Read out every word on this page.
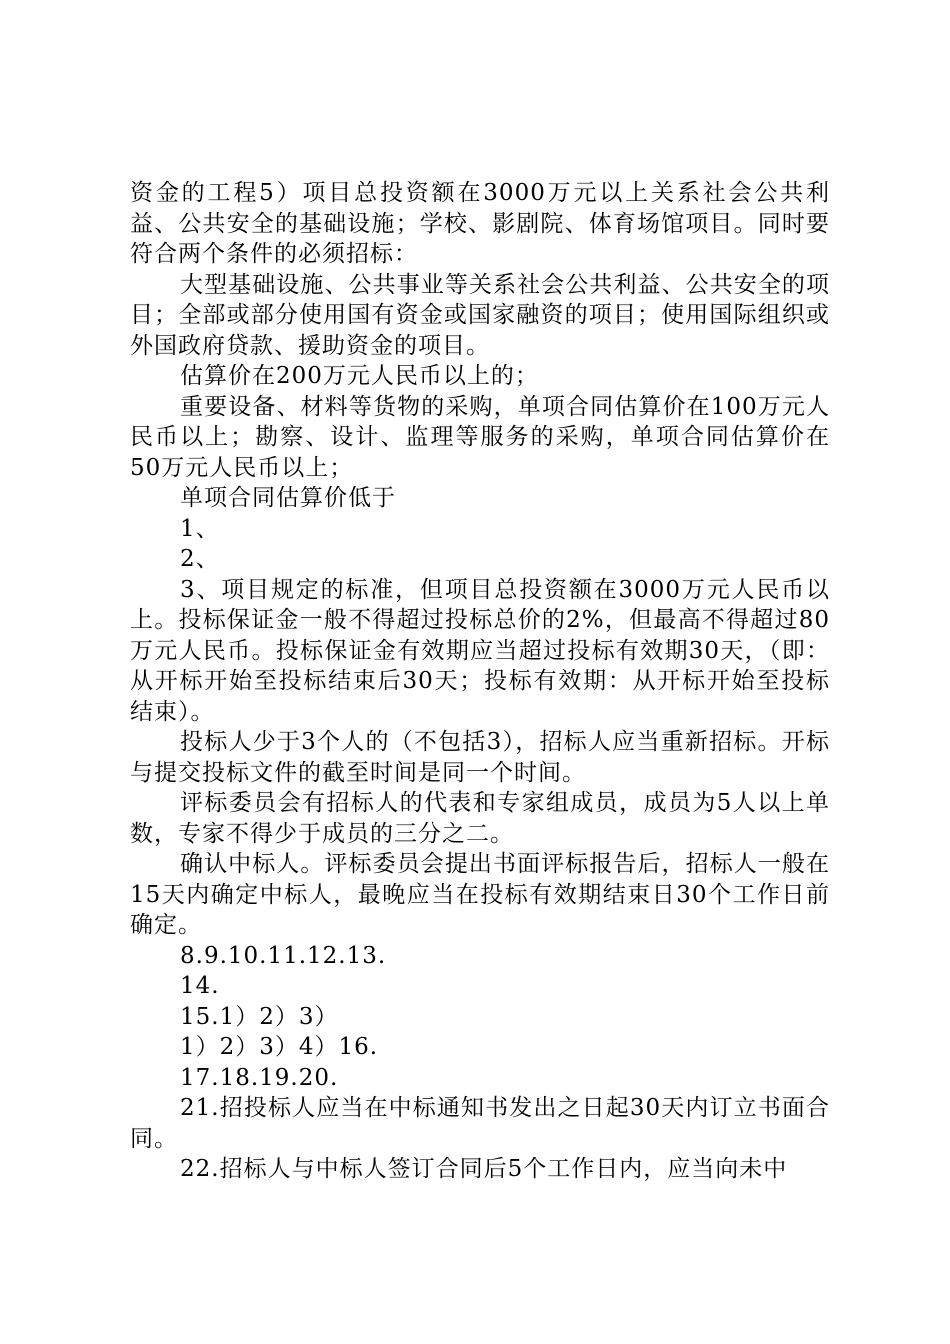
资金的工程5）项目总投资额在3000万元以上关系社会公共利益、公共安全的基础设施；学校、影剧院、体育场馆项目。同时要符合两个条件的必须招标：

大型基础设施、公共事业等关系社会公共利益、公共安全的项目；全部或部分使用国有资金或国家融资的项目；使用国际组织或外国政府贷款、援助资金的项目。

估算价在200万元人民币以上的；

重要设备、材料等货物的采购，单项合同估算价在100万元人民币以上；勘察、设计、监理等服务的采购，单项合同估算价在50万元人民币以上；

单项合同估算价低于

1、

2、

3、项目规定的标准，但项目总投资额在3000万元人民币以上。投标保证金一般不得超过投标总价的2%，但最高不得超过80万元人民币。投标保证金有效期应当超过投标有效期30天，（即：从开标开始至投标结束后30天；投标有效期：从开标开始至投标结束）。

投标人少于3个人的（不包括3），招标人应当重新招标。开标与提交投标文件的截至时间是同一个时间。

评标委员会有招标人的代表和专家组成员，成员为5人以上单数，专家不得少于成员的三分之二。

确认中标人。评标委员会提出书面评标报告后，招标人一般在15天内确定中标人，最晚应当在投标有效期结束日30个工作日前确定。

8.9.10.11.12.13.

14.

15.1）2）3）

1）2）3）4）16.

17.18.19.20.

21.招投标人应当在中标通知书发出之日起30天内订立书面合同。

22.招标人与中标人签订合同后5个工作日内，应当向未中
